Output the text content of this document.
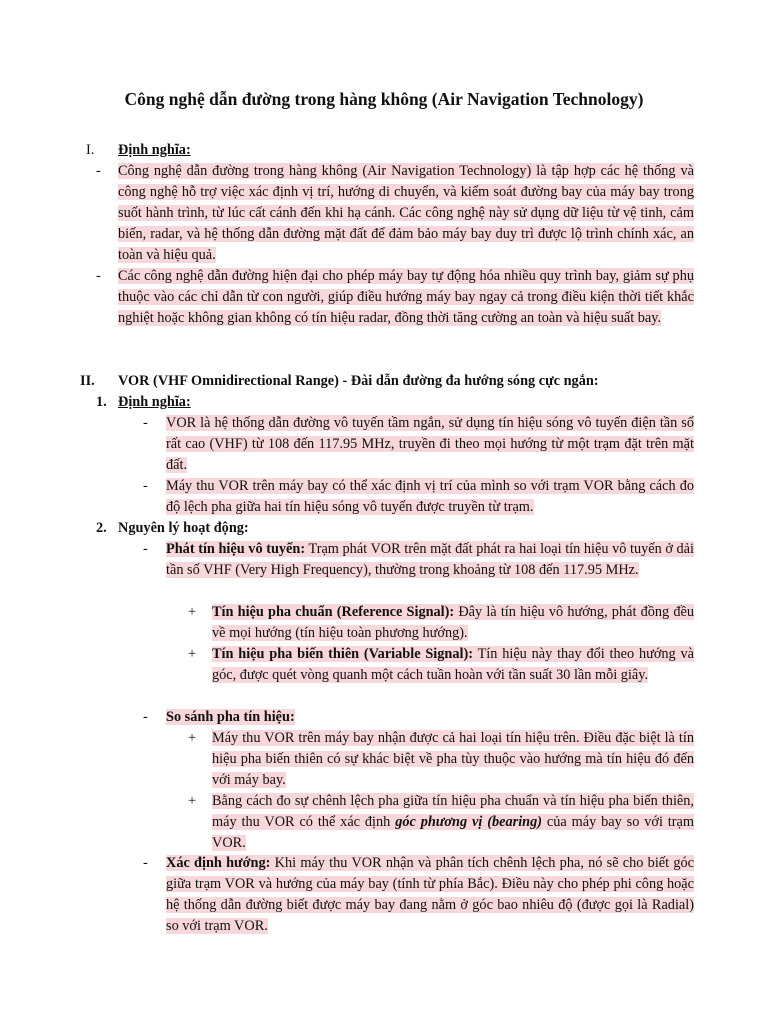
Công nghệ dẫn đường trong hàng không (Air Navigation Technology)
I. Định nghĩa:
- Công nghệ dẫn đường trong hàng không (Air Navigation Technology) là tập hợp các hệ thống và công nghệ hỗ trợ việc xác định vị trí, hướng di chuyển, và kiểm soát đường bay của máy bay trong suốt hành trình, từ lúc cất cánh đến khi hạ cánh. Các công nghệ này sử dụng dữ liệu từ vệ tinh, cảm biến, radar, và hệ thống dẫn đường mặt đất để đảm bảo máy bay duy trì được lộ trình chính xác, an toàn và hiệu quả.
- Các công nghệ dẫn đường hiện đại cho phép máy bay tự động hóa nhiều quy trình bay, giảm sự phụ thuộc vào các chỉ dẫn từ con người, giúp điều hướng máy bay ngay cả trong điều kiện thời tiết khắc nghiệt hoặc không gian không có tín hiệu radar, đồng thời tăng cường an toàn và hiệu suất bay.
II. VOR (VHF Omnidirectional Range) - Đài dẫn đường đa hướng sóng cực ngắn:
1. Định nghĩa:
- VOR là hệ thống dẫn đường vô tuyến tầm ngắn, sử dụng tín hiệu sóng vô tuyến điện tần số rất cao (VHF) từ 108 đến 117.95 MHz, truyền đi theo mọi hướng từ một trạm đặt trên mặt đất.
- Máy thu VOR trên máy bay có thể xác định vị trí của mình so với trạm VOR bằng cách đo độ lệch pha giữa hai tín hiệu sóng vô tuyến được truyền từ trạm.
2. Nguyên lý hoạt động:
- Phát tín hiệu vô tuyến: Trạm phát VOR trên mặt đất phát ra hai loại tín hiệu vô tuyến ở dải tần số VHF (Very High Frequency), thường trong khoảng từ 108 đến 117.95 MHz.
+ Tín hiệu pha chuẩn (Reference Signal): Đây là tín hiệu vô hướng, phát đồng đều về mọi hướng (tín hiệu toàn phương hướng).
+ Tín hiệu pha biến thiên (Variable Signal): Tín hiệu này thay đổi theo hướng và góc, được quét vòng quanh một cách tuần hoàn với tần suất 30 lần mỗi giây.
- So sánh pha tín hiệu:
+ Máy thu VOR trên máy bay nhận được cả hai loại tín hiệu trên. Điều đặc biệt là tín hiệu pha biến thiên có sự khác biệt về pha tùy thuộc vào hướng mà tín hiệu đó đến với máy bay.
+ Bằng cách đo sự chênh lệch pha giữa tín hiệu pha chuẩn và tín hiệu pha biến thiên, máy thu VOR có thể xác định góc phương vị (bearing) của máy bay so với trạm VOR.
- Xác định hướng: Khi máy thu VOR nhận và phân tích chênh lệch pha, nó sẽ cho biết góc giữa trạm VOR và hướng của máy bay (tính từ phía Bắc). Điều này cho phép phi công hoặc hệ thống dẫn đường biết được máy bay đang nằm ở góc bao nhiêu độ (được gọi là Radial) so với trạm VOR.
